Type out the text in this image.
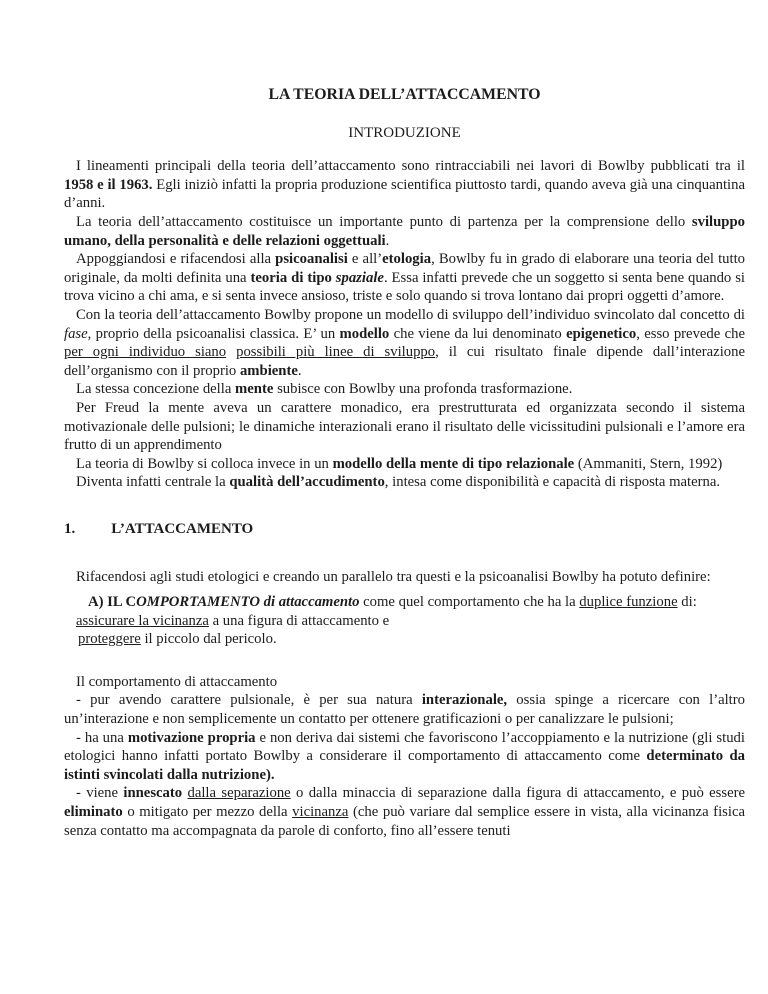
LA TEORIA DELL’ATTACCAMENTO

INTRODUZIONE

I lineamenti principali della teoria dell’attaccamento sono rintracciabili nei lavori di Bowlby pubblicati tra il 1958 e il 1963. Egli iniziò infatti la propria produzione scientifica piuttosto tardi, quando aveva già una cinquantina d’anni.

La teoria dell’attaccamento costituisce un importante punto di partenza per la comprensione dello sviluppo umano, della personalità e delle relazioni oggettuali.

Appoggiandosi e rifacendosi alla psicoanalisi e all’etologia, Bowlby fu in grado di elaborare una teoria del tutto originale, da molti definita una teoria di tipo spaziale. Essa infatti prevede che un soggetto si senta bene quando si trova vicino a chi ama, e si senta invece ansioso, triste e solo quando si trova lontano dai propri oggetti d’amore.

Con la teoria dell’attaccamento Bowlby propone un modello di sviluppo dell’individuo svincolato dal concetto di fase, proprio della psicoanalisi classica. E’ un modello che viene da lui denominato epigenetico, esso prevede che per ogni individuo siano possibili più linee di sviluppo, il cui risultato finale dipende dall’interazione dell’organismo con il proprio ambiente.

La stessa concezione della mente subisce con Bowlby una profonda trasformazione.

Per Freud la mente aveva un carattere monadico, era prestrutturata ed organizzata secondo il sistema motivazionale delle pulsioni; le dinamiche interazionali erano il risultato delle vicissitudini pulsionali e l’amore era frutto di un apprendimento

La teoria di Bowlby si colloca invece in un modello della mente di tipo relazionale (Ammaniti, Stern, 1992)

Diventa infatti centrale la qualità dell’accudimento, intesa come disponibilità e capacità di risposta materna.

1. L’ATTACCAMENTO

Rifacendosi agli studi etologici e creando un parallelo tra questi e la psicoanalisi Bowlby ha potuto definire:

A) IL COMPORTAMENTO di attaccamento come quel comportamento che ha la duplice funzione di:

assicurare la vicinanza a una figura di attaccamento e

proteggere il piccolo dal pericolo.

Il comportamento di attaccamento

- pur avendo carattere pulsionale, è per sua natura interazionale, ossia spinge a ricercare con l’altro un’interazione e non semplicemente un contatto per ottenere gratificazioni o per canalizzare le pulsioni;

- ha una motivazione propria e non deriva dai sistemi che favoriscono l’accoppiamento e la nutrizione (gli studi etologici hanno infatti portato Bowlby a considerare il comportamento di attaccamento come determinato da istinti svincolati dalla nutrizione).

- viene innescato dalla separazione o dalla minaccia di separazione dalla figura di attaccamento, e può essere eliminato o mitigato per mezzo della vicinanza (che può variare dal semplice essere in vista, alla vicinanza fisica senza contatto ma accompagnata da parole di conforto, fino all’essere tenuti
